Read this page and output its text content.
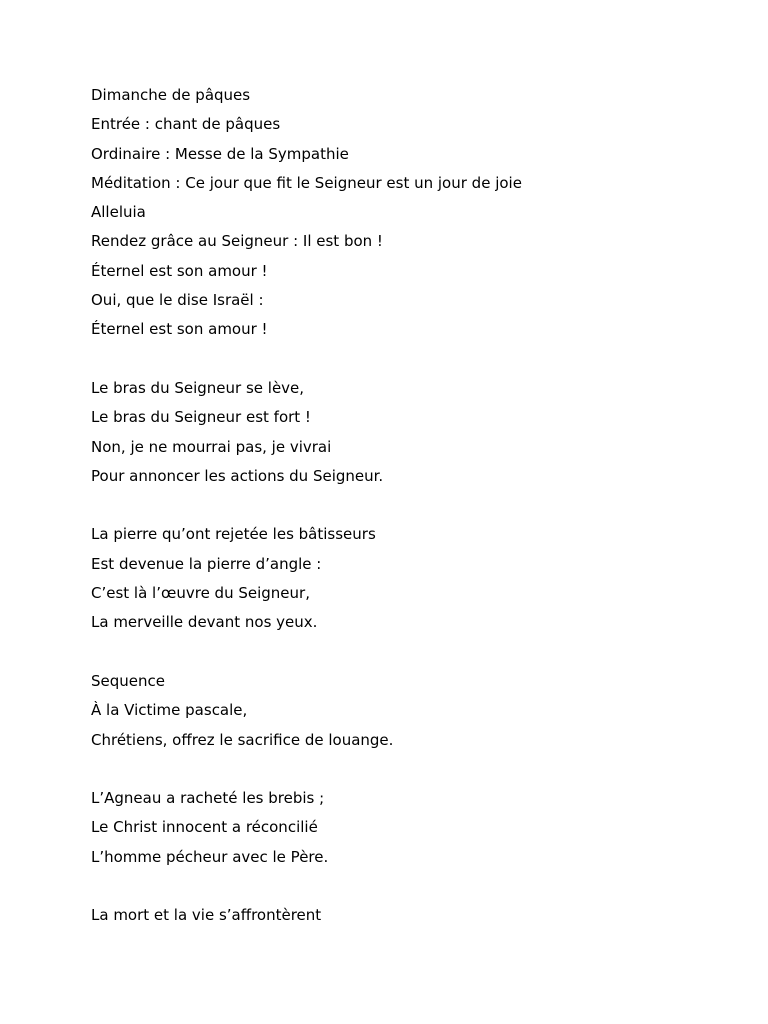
Dimanche de pâques
Entrée : chant de pâques
Ordinaire : Messe de la Sympathie
Méditation : Ce jour que fit le Seigneur est un jour de joie
Alleluia
Rendez grâce au Seigneur : Il est bon !
Éternel est son amour !
Oui, que le dise Israël :
Éternel est son amour !
Le bras du Seigneur se lève,
Le bras du Seigneur est fort !
Non, je ne mourrai pas, je vivrai
Pour annoncer les actions du Seigneur.
La pierre qu’ont rejetée les bâtisseurs
Est devenue la pierre d’angle :
C’est là l’œuvre du Seigneur,
La merveille devant nos yeux.
Sequence
À la Victime pascale,
Chrétiens, offrez le sacrifice de louange.
L’Agneau a racheté les brebis ;
Le Christ innocent a réconcilié
L’homme pécheur avec le Père.
La mort et la vie s’affrontèrent
